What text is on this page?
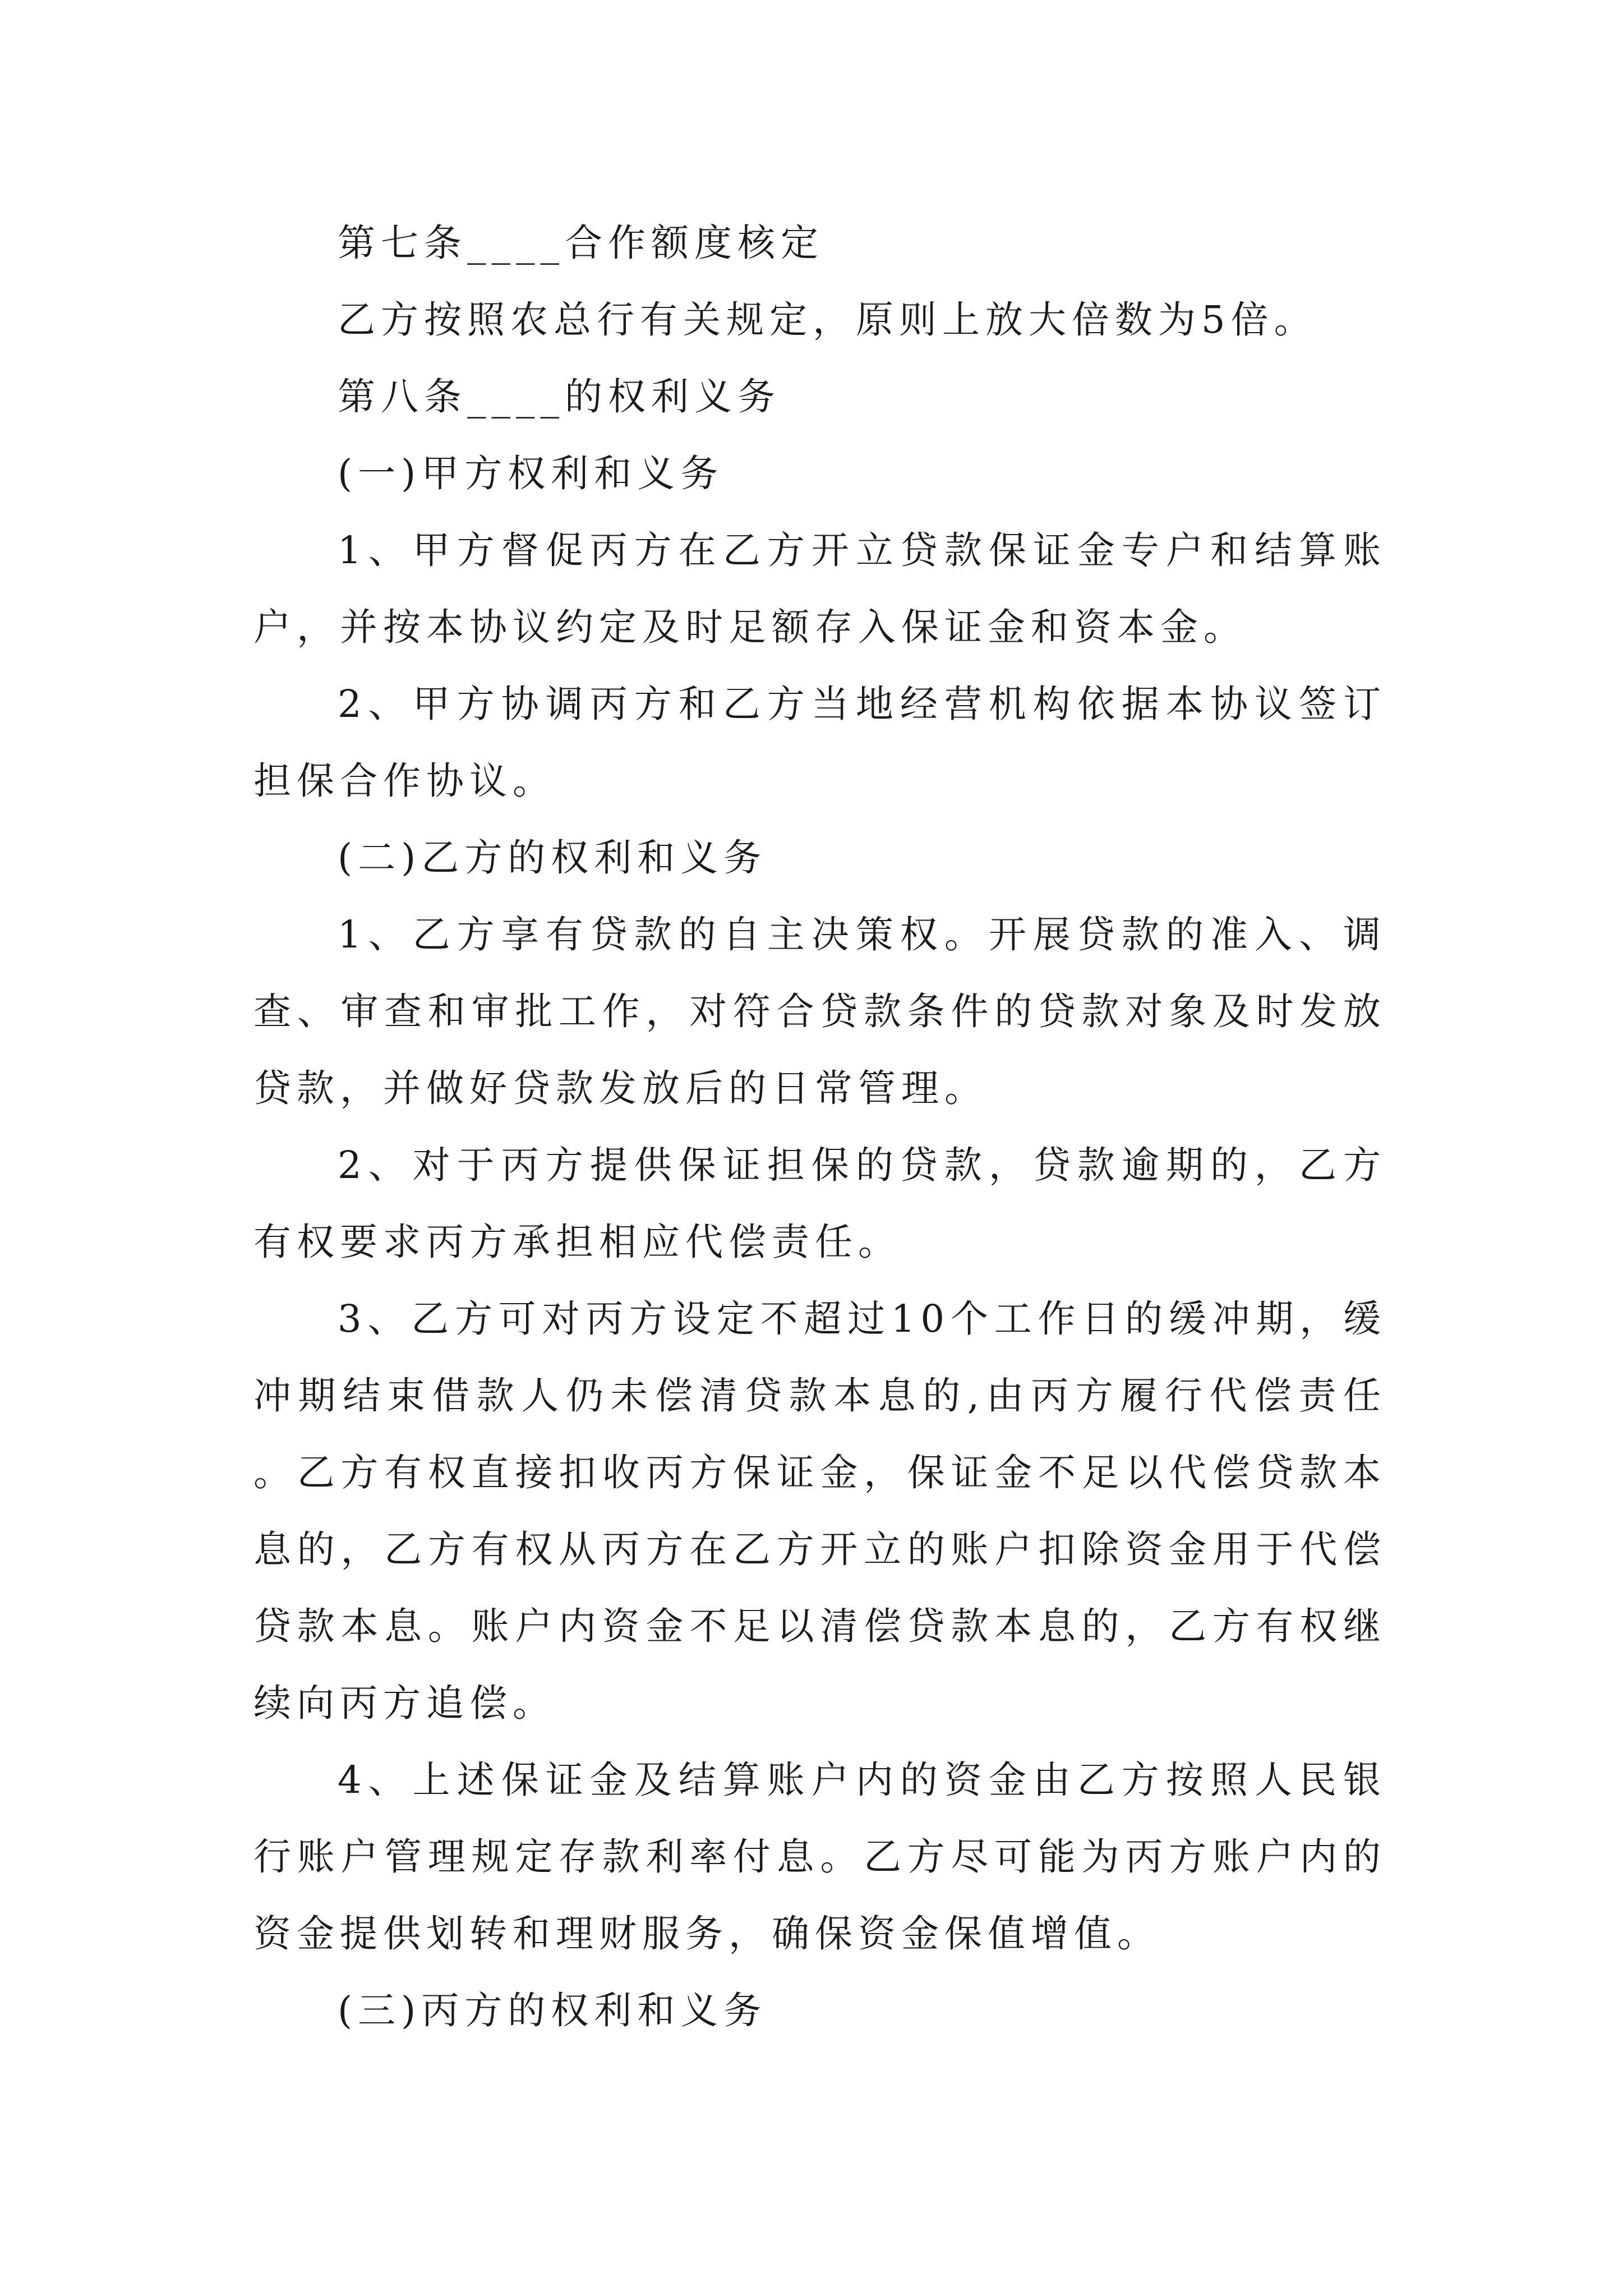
第七条____合作额度核定

乙方按照农总行有关规定，原则上放大倍数为5倍。

第八条____的权利义务

(一)甲方权利和义务

1、甲方督促丙方在乙方开立贷款保证金专户和结算账户，并按本协议约定及时足额存入保证金和资本金。

2、甲方协调丙方和乙方当地经营机构依据本协议签订担保合作协议。

(二)乙方的权利和义务

1、乙方享有贷款的自主决策权。开展贷款的准入、调查、审查和审批工作，对符合贷款条件的贷款对象及时发放贷款，并做好贷款发放后的日常管理。

2、对于丙方提供保证担保的贷款，贷款逾期的，乙方有权要求丙方承担相应代偿责任。

3、乙方可对丙方设定不超过10个工作日的缓冲期，缓冲期结束借款人仍未偿清贷款本息的,由丙方履行代偿责任。乙方有权直接扣收丙方保证金，保证金不足以代偿贷款本息的，乙方有权从丙方在乙方开立的账户扣除资金用于代偿贷款本息。账户内资金不足以清偿贷款本息的，乙方有权继续向丙方追偿。

4、上述保证金及结算账户内的资金由乙方按照人民银行账户管理规定存款利率付息。乙方尽可能为丙方账户内的资金提供划转和理财服务，确保资金保值增值。

(三)丙方的权利和义务
